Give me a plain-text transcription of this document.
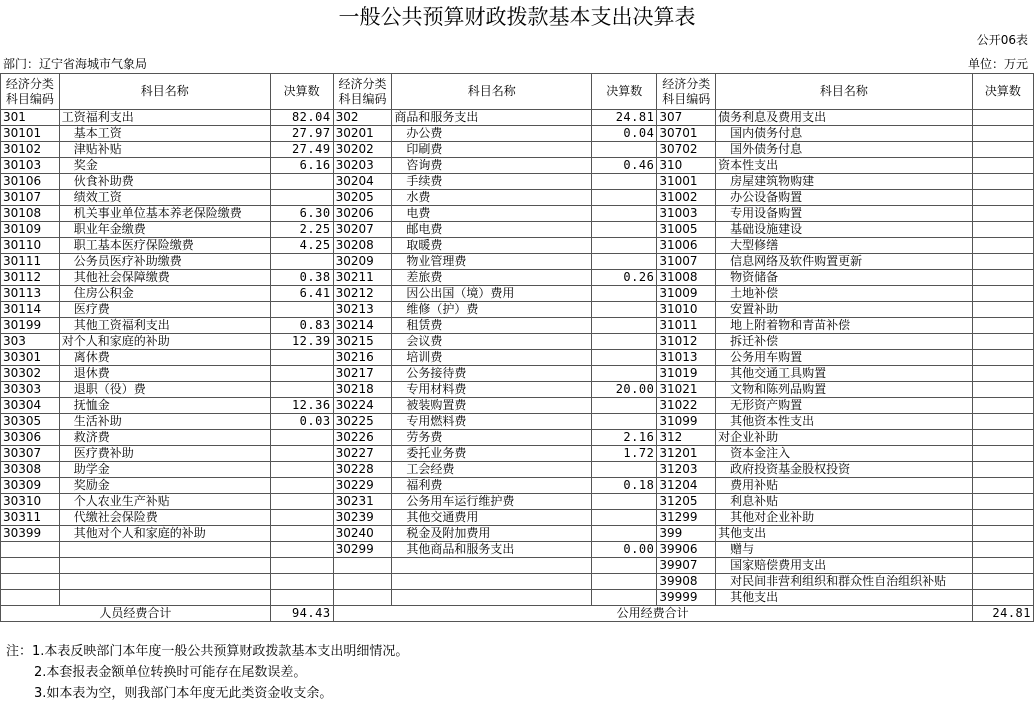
一般公共预算财政拨款基本支出决算表
公开06表
部门：辽宁省海城市气象局	单位：万元
经济分类科目编码	科目名称	决算数	经济分类科目编码	科目名称	决算数	经济分类科目编码	科目名称	决算数
301	工资福利支出	82.04	302	商品和服务支出	24.81	307	债务利息及费用支出	
30101	基本工资	27.97	30201	办公费	0.04	30701	国内债务付息	
30102	津贴补贴	27.49	30202	印刷费		30702	国外债务付息	
30103	奖金	6.16	30203	咨询费	0.46	310	资本性支出	
30106	伙食补助费		30204	手续费		31001	房屋建筑物购建	
30107	绩效工资		30205	水费		31002	办公设备购置	
30108	机关事业单位基本养老保险缴费	6.30	30206	电费		31003	专用设备购置	
30109	职业年金缴费	2.25	30207	邮电费		31005	基础设施建设	
30110	职工基本医疗保险缴费	4.25	30208	取暖费		31006	大型修缮	
30111	公务员医疗补助缴费		30209	物业管理费		31007	信息网络及软件购置更新	
30112	其他社会保障缴费	0.38	30211	差旅费	0.26	31008	物资储备	
30113	住房公积金	6.41	30212	因公出国（境）费用		31009	土地补偿	
30114	医疗费		30213	维修（护）费		31010	安置补助	
30199	其他工资福利支出	0.83	30214	租赁费		31011	地上附着物和青苗补偿	
303	对个人和家庭的补助	12.39	30215	会议费		31012	拆迁补偿	
30301	离休费		30216	培训费		31013	公务用车购置	
30302	退休费		30217	公务接待费		31019	其他交通工具购置	
30303	退职（役）费		30218	专用材料费	20.00	31021	文物和陈列品购置	
30304	抚恤金	12.36	30224	被装购置费		31022	无形资产购置	
30305	生活补助	0.03	30225	专用燃料费		31099	其他资本性支出	
30306	救济费		30226	劳务费	2.16	312	对企业补助	
30307	医疗费补助		30227	委托业务费	1.72	31201	资本金注入	
30308	助学金		30228	工会经费		31203	政府投资基金股权投资	
30309	奖励金		30229	福利费	0.18	31204	费用补贴	
30310	个人农业生产补贴		30231	公务用车运行维护费		31205	利息补贴	
30311	代缴社会保险费		30239	其他交通费用		31299	其他对企业补助	
30399	其他对个人和家庭的补助		30240	税金及附加费用		399	其他支出	
			30299	其他商品和服务支出	0.00	39906	赠与	
						39907	国家赔偿费用支出	
						39908	对民间非营利组织和群众性自治组织补贴	
						39999	其他支出	
人员经费合计		94.43	公用经费合计					24.81
注：1.本表反映部门本年度一般公共预算财政拨款基本支出明细情况。
2.本套报表金额单位转换时可能存在尾数误差。
3.如本表为空，则我部门本年度无此类资金收支余。
